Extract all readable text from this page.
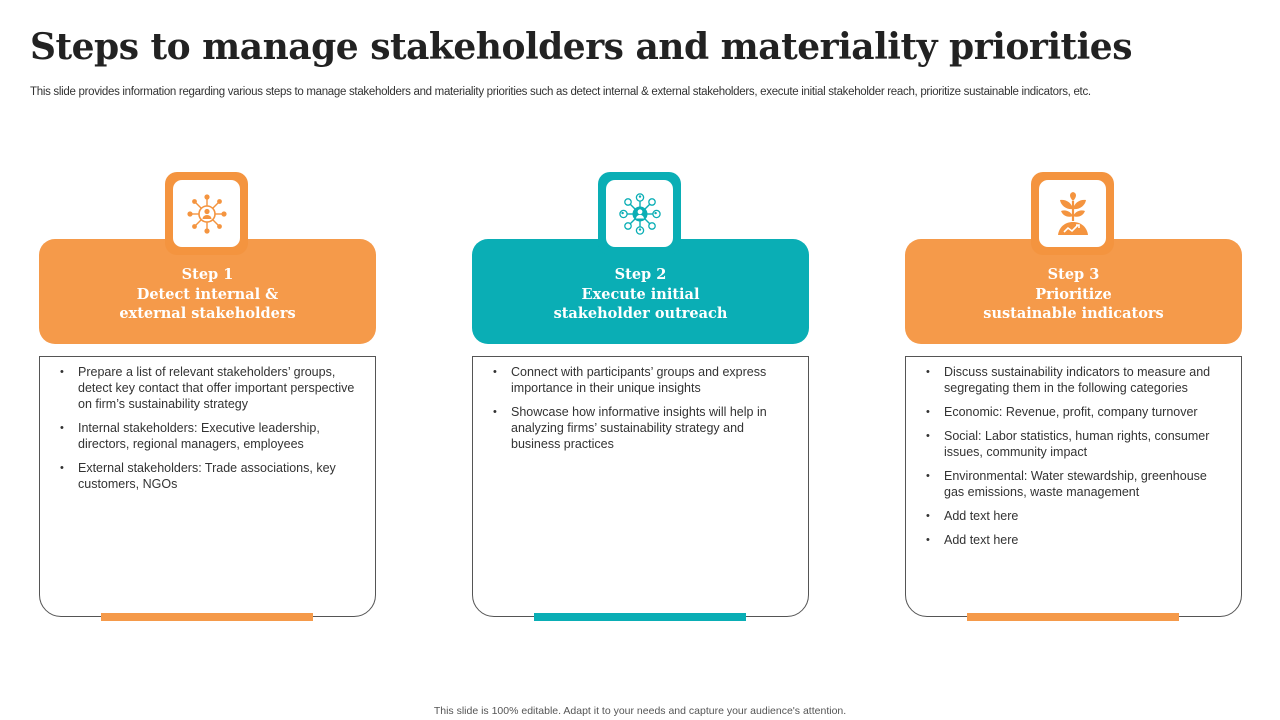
Steps to manage stakeholders and materiality priorities
This slide provides information regarding various steps to manage stakeholders and materiality priorities such as detect internal & external stakeholders, execute initial stakeholder reach, prioritize sustainable indicators, etc.
Step 1
Detect internal &
external stakeholders
• Prepare a list of relevant stakeholders’ groups, detect key contact that offer important perspective on firm’s sustainability strategy
• Internal stakeholders: Executive leadership, directors, regional managers, employees
• External stakeholders: Trade associations, key customers, NGOs
Step 2
Execute initial
stakeholder outreach
• Connect with participants’ groups and express importance in their unique insights
• Showcase how informative insights will help in analyzing firms’ sustainability strategy and business practices
Step 3
Prioritize
sustainable indicators
• Discuss sustainability indicators to measure and segregating them in the following categories
• Economic: Revenue, profit, company turnover
• Social: Labor statistics, human rights, consumer issues, community impact
• Environmental: Water stewardship, greenhouse gas emissions, waste management
• Add text here
• Add text here
This slide is 100% editable. Adapt it to your needs and capture your audience's attention.
